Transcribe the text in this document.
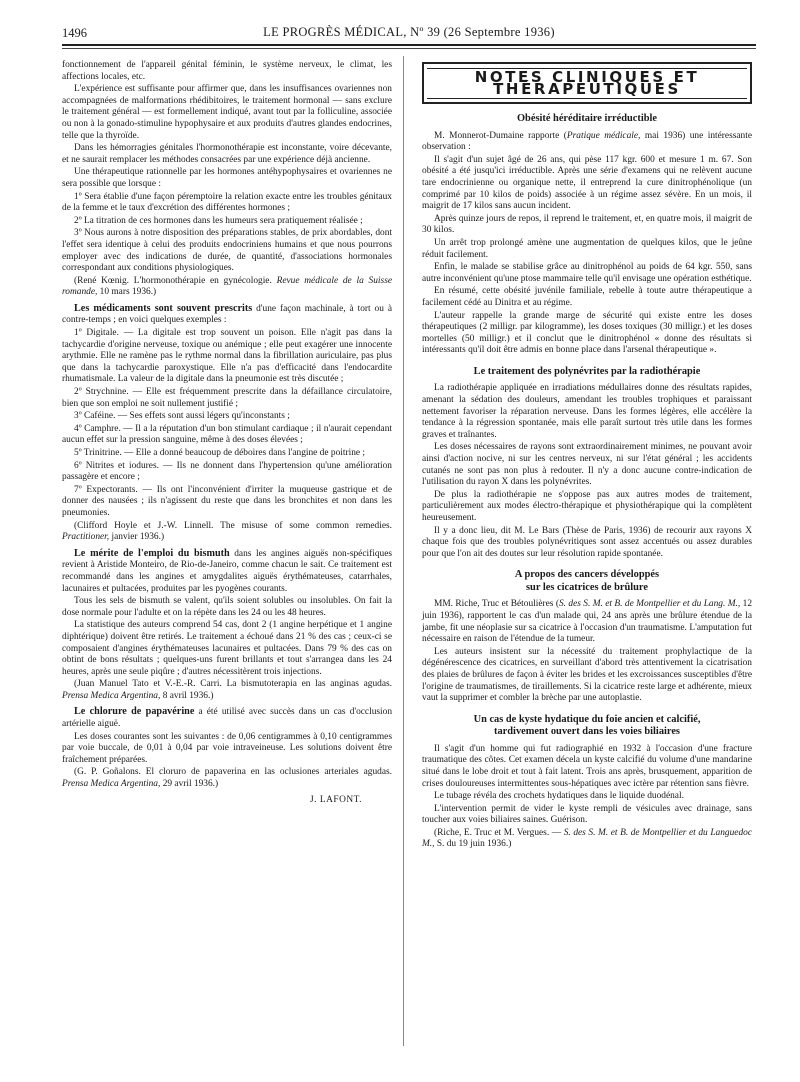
1496	LE PROGRÈS MÉDICAL, Nº 39 (26 Septembre 1936)

fonctionnement de l'appareil génital féminin, le système nerveux, le climat, les affections locales, etc.

L'expérience est suffisante pour affirmer que, dans les insuffisances ovariennes non accompagnées de malformations rhédibitoires, le traitement hormonal — sans exclure le traitement général — est formellement indiqué, avant tout par la folliculine, associée ou non à la gonado-stimuline hypophysaire et aux produits d'autres glandes endocrines, telle que la thyroïde.

Dans les hémorragies génitales l'hormonothérapie est inconstante, voire décevante, et ne saurait remplacer les méthodes consacrées par une expérience déjà ancienne.

Une thérapeutique rationnelle par les hormones antéhypophysaires et ovariennes ne sera possible que lorsque :

1º Sera établie d'une façon péremptoire la relation exacte entre les troubles génitaux de la femme et le taux d'excrétion des différentes hormones ;

2º La titration de ces hormones dans les humeurs sera pratiquement réalisée ;

3º Nous aurons à notre disposition des préparations stables, de prix abordables, dont l'effet sera identique à celui des produits endocriniens humains et que nous pourrons employer avec des indications de durée, de quantité, d'associations hormonales correspondant aux conditions physiologiques.

(René Kœnig. L'hormonothérapie en gynécologie. Revue médicale de la Suisse romande, 10 mars 1936.)

Les médicaments sont souvent prescrits d'une façon machinale, à tort ou à contre-temps ; en voici quelques exemples :

1º Digitale. — La digitale est trop souvent un poison. Elle n'agit pas dans la tachycardie d'origine nerveuse, toxique ou anémique ; elle peut exagérer une innocente arythmie. Elle ne ramène pas le rythme normal dans la fibrillation auriculaire, pas plus que dans la tachycardie paroxystique. Elle n'a pas d'efficacité dans l'endocardite rhumatismale. La valeur de la digitale dans la pneumonie est très discutée ;

2º Strychnine. — Elle est fréquemment prescrite dans la défaillance circulatoire, bien que son emploi ne soit nullement justifié ;

3º Caféine. — Ses effets sont aussi légers qu'inconstants ;

4º Camphre. — Il a la réputation d'un bon stimulant cardiaque ; il n'aurait cependant aucun effet sur la pression sanguine, même à des doses élevées ;

5º Trinitrine. — Elle a donné beaucoup de déboires dans l'angine de poitrine ;

6º Nitrites et iodures. — Ils ne donnent dans l'hypertension qu'une amélioration passagère et encore ;

7º Expectorants. — Ils ont l'inconvénient d'irriter la muqueuse gastrique et de donner des nausées ; ils n'agissent du reste que dans les bronchites et non dans les pneumonies.

(Clifford Hoyle et J.-W. Linnell. The misuse of some common remedies. Practitioner, janvier 1936.)

Le mérite de l'emploi du bismuth dans les angines aiguës non-spécifiques revient à Aristide Monteiro, de Rio-de-Janeiro, comme chacun le sait. Ce traitement est recommandé dans les angines et amygdalites aiguës érythémateuses, catarrhales, lacunaires et pultacées, produites par les pyogènes courants.

Tous les sels de bismuth se valent, qu'ils soient solubles ou insolubles. On fait la dose normale pour l'adulte et on la répète dans les 24 ou les 48 heures.

La statistique des auteurs comprend 54 cas, dont 2 (1 angine herpétique et 1 angine diphtérique) doivent être retirés. Le traitement a échoué dans 21 % des cas ; ceux-ci se composaient d'angines érythémateuses lacunaires et pultacées. Dans 79 % des cas on obtint de bons résultats ; quelques-uns furent brillants et tout s'arrangea dans les 24 heures, après une seule piqûre ; d'autres nécessitèrent trois injections.

(Juan Manuel Tato et V.-E.-R. Carri. La bismutoterapia en las anginas agudas. Prensa Medica Argentina, 8 avril 1936.)

Le chlorure de papavérine a été utilisé avec succès dans un cas d'occlusion artérielle aiguë.

Les doses courantes sont les suivantes : de 0,06 centigrammes à 0,10 centigrammes par voie buccale, de 0,01 à 0,04 par voie intraveineuse. Les solutions doivent être fraîchement préparées.

(G. P. Goñalons. El cloruro de papaverina en las oclusiones arteriales agudas. Prensa Medica Argentina, 29 avril 1936.)

J. LAFONT.
NOTES CLINIQUES ET THÉRAPEUTIQUES
Obésité héréditaire irréductible

M. Monnerot-Dumaine rapporte (Pratique médicale, mai 1936) une intéressante observation :

Il s'agit d'un sujet âgé de 26 ans, qui pèse 117 kgr. 600 et mesure 1 m. 67. Son obésité a été jusqu'ici irréductible. Après une série d'examens qui ne relèvent aucune tare endocrinienne ou organique nette, il entreprend la cure dinitrophénolique (un comprimé par 10 kilos de poids) associée à un régime assez sévère. En un mois, il maigrit de 17 kilos sans aucun incident.

Après quinze jours de repos, il reprend le traitement, et, en quatre mois, il maigrit de 30 kilos.

Un arrêt trop prolongé amène une augmentation de quelques kilos, que le jeûne réduit facilement.

Enfin, le malade se stabilise grâce au dinitrophénol au poids de 64 kgr. 550, sans autre inconvénient qu'une ptose mammaire telle qu'il envisage une opération esthétique.

En résumé, cette obésité juvénile familiale, rebelle à toute autre thérapeutique a facilement cédé au Dinitra et au régime.

L'auteur rappelle la grande marge de sécurité qui existe entre les doses thérapeutiques (2 milligr. par kilogramme), les doses toxiques (30 milligr.) et les doses mortelles (50 milligr.) et il conclut que le dinitrophénol « donne des résultats si intéressants qu'il doit être admis en bonne place dans l'arsenal thérapeutique ».

Le traitement des polynévrites par la radiothérapie

La radiothérapie appliquée en irradiations médullaires donne des résultats rapides, amenant la sédation des douleurs, amendant les troubles trophiques et paraissant nettement favoriser la réparation nerveuse. Dans les formes légères, elle accélère la tendance à la régression spontanée, mais elle paraît surtout très utile dans les formes graves et traînantes.

Les doses nécessaires de rayons sont extraordinairement minimes, ne pouvant avoir ainsi d'action nocive, ni sur les centres nerveux, ni sur l'état général ; les accidents cutanés ne sont pas non plus à redouter. Il n'y a donc aucune contre-indication de l'utilisation du rayon X dans les polynévrites.

De plus la radiothérapie ne s'oppose pas aux autres modes de traitement, particulièrement aux modes électro-thérapique et physiothérapique qui la complètent heureusement.

Il y a donc lieu, dit M. Le Bars (Thèse de Paris, 1936) de recourir aux rayons X chaque fois que des troubles polynévritiques sont assez accentués ou assez durables pour que l'on ait des doutes sur leur résolution rapide spontanée.

A propos des cancers développés
sur les cicatrices de brûlure

MM. Riche, Truc et Bétoulières (S. des S. M. et B. de Montpellier et du Lang. M., 12 juin 1936), rapportent le cas d'un malade qui, 24 ans après une brûlure étendue de la jambe, fit une néoplasie sur sa cicatrice à l'occasion d'un traumatisme. L'amputation fut nécessaire en raison de l'étendue de la tumeur.

Les auteurs insistent sur la nécessité du traitement prophylactique de la dégénérescence des cicatrices, en surveillant d'abord très attentivement la cicatrisation des plaies de brûlures de façon à éviter les brides et les excroissances susceptibles d'être l'origine de traumatismes, de tiraillements. Si la cicatrice reste large et adhérente, mieux vaut la supprimer et combler la brèche par une autoplastie.

Un cas de kyste hydatique du foie ancien et calcifié,
tardivement ouvert dans les voies biliaires

Il s'agit d'un homme qui fut radiographié en 1932 à l'occasion d'une fracture traumatique des côtes. Cet examen décela un kyste calcifié du volume d'une mandarine situé dans le lobe droit et tout à fait latent. Trois ans après, brusquement, apparition de crises douloureuses intermittentes sous-hépatiques avec ictère par rétention sans fièvre.

Le tubage révéla des crochets hydatiques dans le liquide duodénal.

L'intervention permit de vider le kyste rempli de vésicules avec drainage, sans toucher aux voies biliaires saines. Guérison.

(Riche, E. Truc et M. Vergues. — S. des S. M. et B. de Montpellier et du Languedoc M., S. du 19 juin 1936.)
